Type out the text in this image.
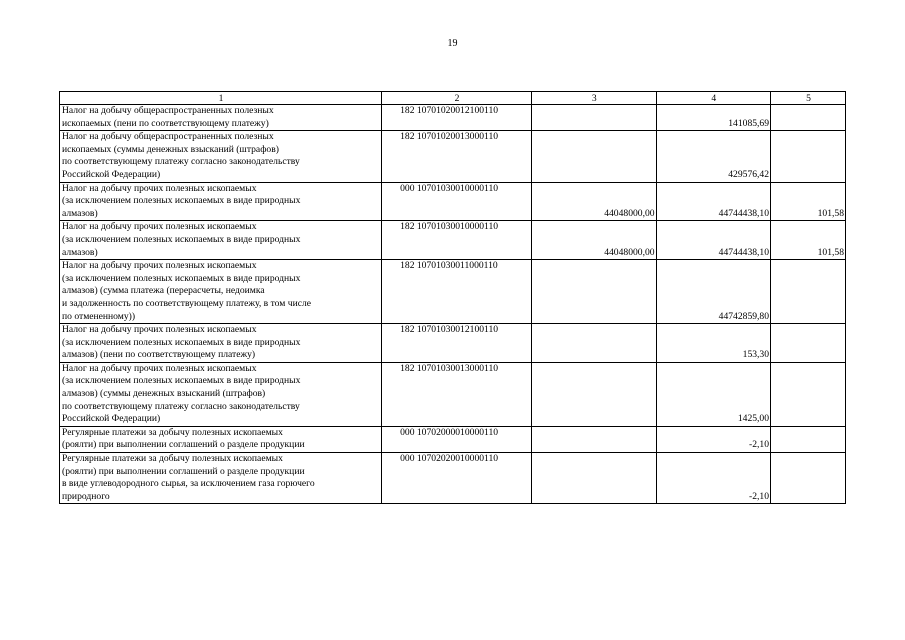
19
1	2	3	4	5
Налог на добычу общераспространенных полезных
ископаемых (пени по соответствующему платежу)	182 10701020012100110		141085,69	
Налог на добычу общераспространенных полезных
ископаемых (суммы денежных взысканий (штрафов)
по соответствующему платежу согласно законодательству
Российской Федерации)	182 10701020013000110		429576,42	
Налог на добычу прочих полезных ископаемых
(за исключением полезных ископаемых в виде природных
алмазов)	000 10701030010000110	44048000,00	44744438,10	101,58
Налог на добычу прочих полезных ископаемых
(за исключением полезных ископаемых в виде природных
алмазов)	182 10701030010000110	44048000,00	44744438,10	101,58
Налог на добычу прочих полезных ископаемых
(за исключением полезных ископаемых в виде природных
алмазов) (сумма платежа (перерасчеты, недоимка
и задолженность по соответствующему платежу, в том числе
по отмененному))	182 10701030011000110		44742859,80	
Налог на добычу прочих полезных ископаемых
(за исключением полезных ископаемых в виде природных
алмазов) (пени по соответствующему платежу)	182 10701030012100110		153,30	
Налог на добычу прочих полезных ископаемых
(за исключением полезных ископаемых в виде природных
алмазов) (суммы денежных взысканий (штрафов)
по соответствующему платежу согласно законодательству
Российской Федерации)	182 10701030013000110		1425,00	
Регулярные платежи за добычу полезных ископаемых
(роялти) при выполнении соглашений о разделе продукции	000 10702000010000110		-2,10	
Регулярные платежи за добычу полезных ископаемых
(роялти) при выполнении соглашений о разделе продукции
в виде углеводородного сырья, за исключением газа горючего
природного	000 10702020010000110		-2,10	
